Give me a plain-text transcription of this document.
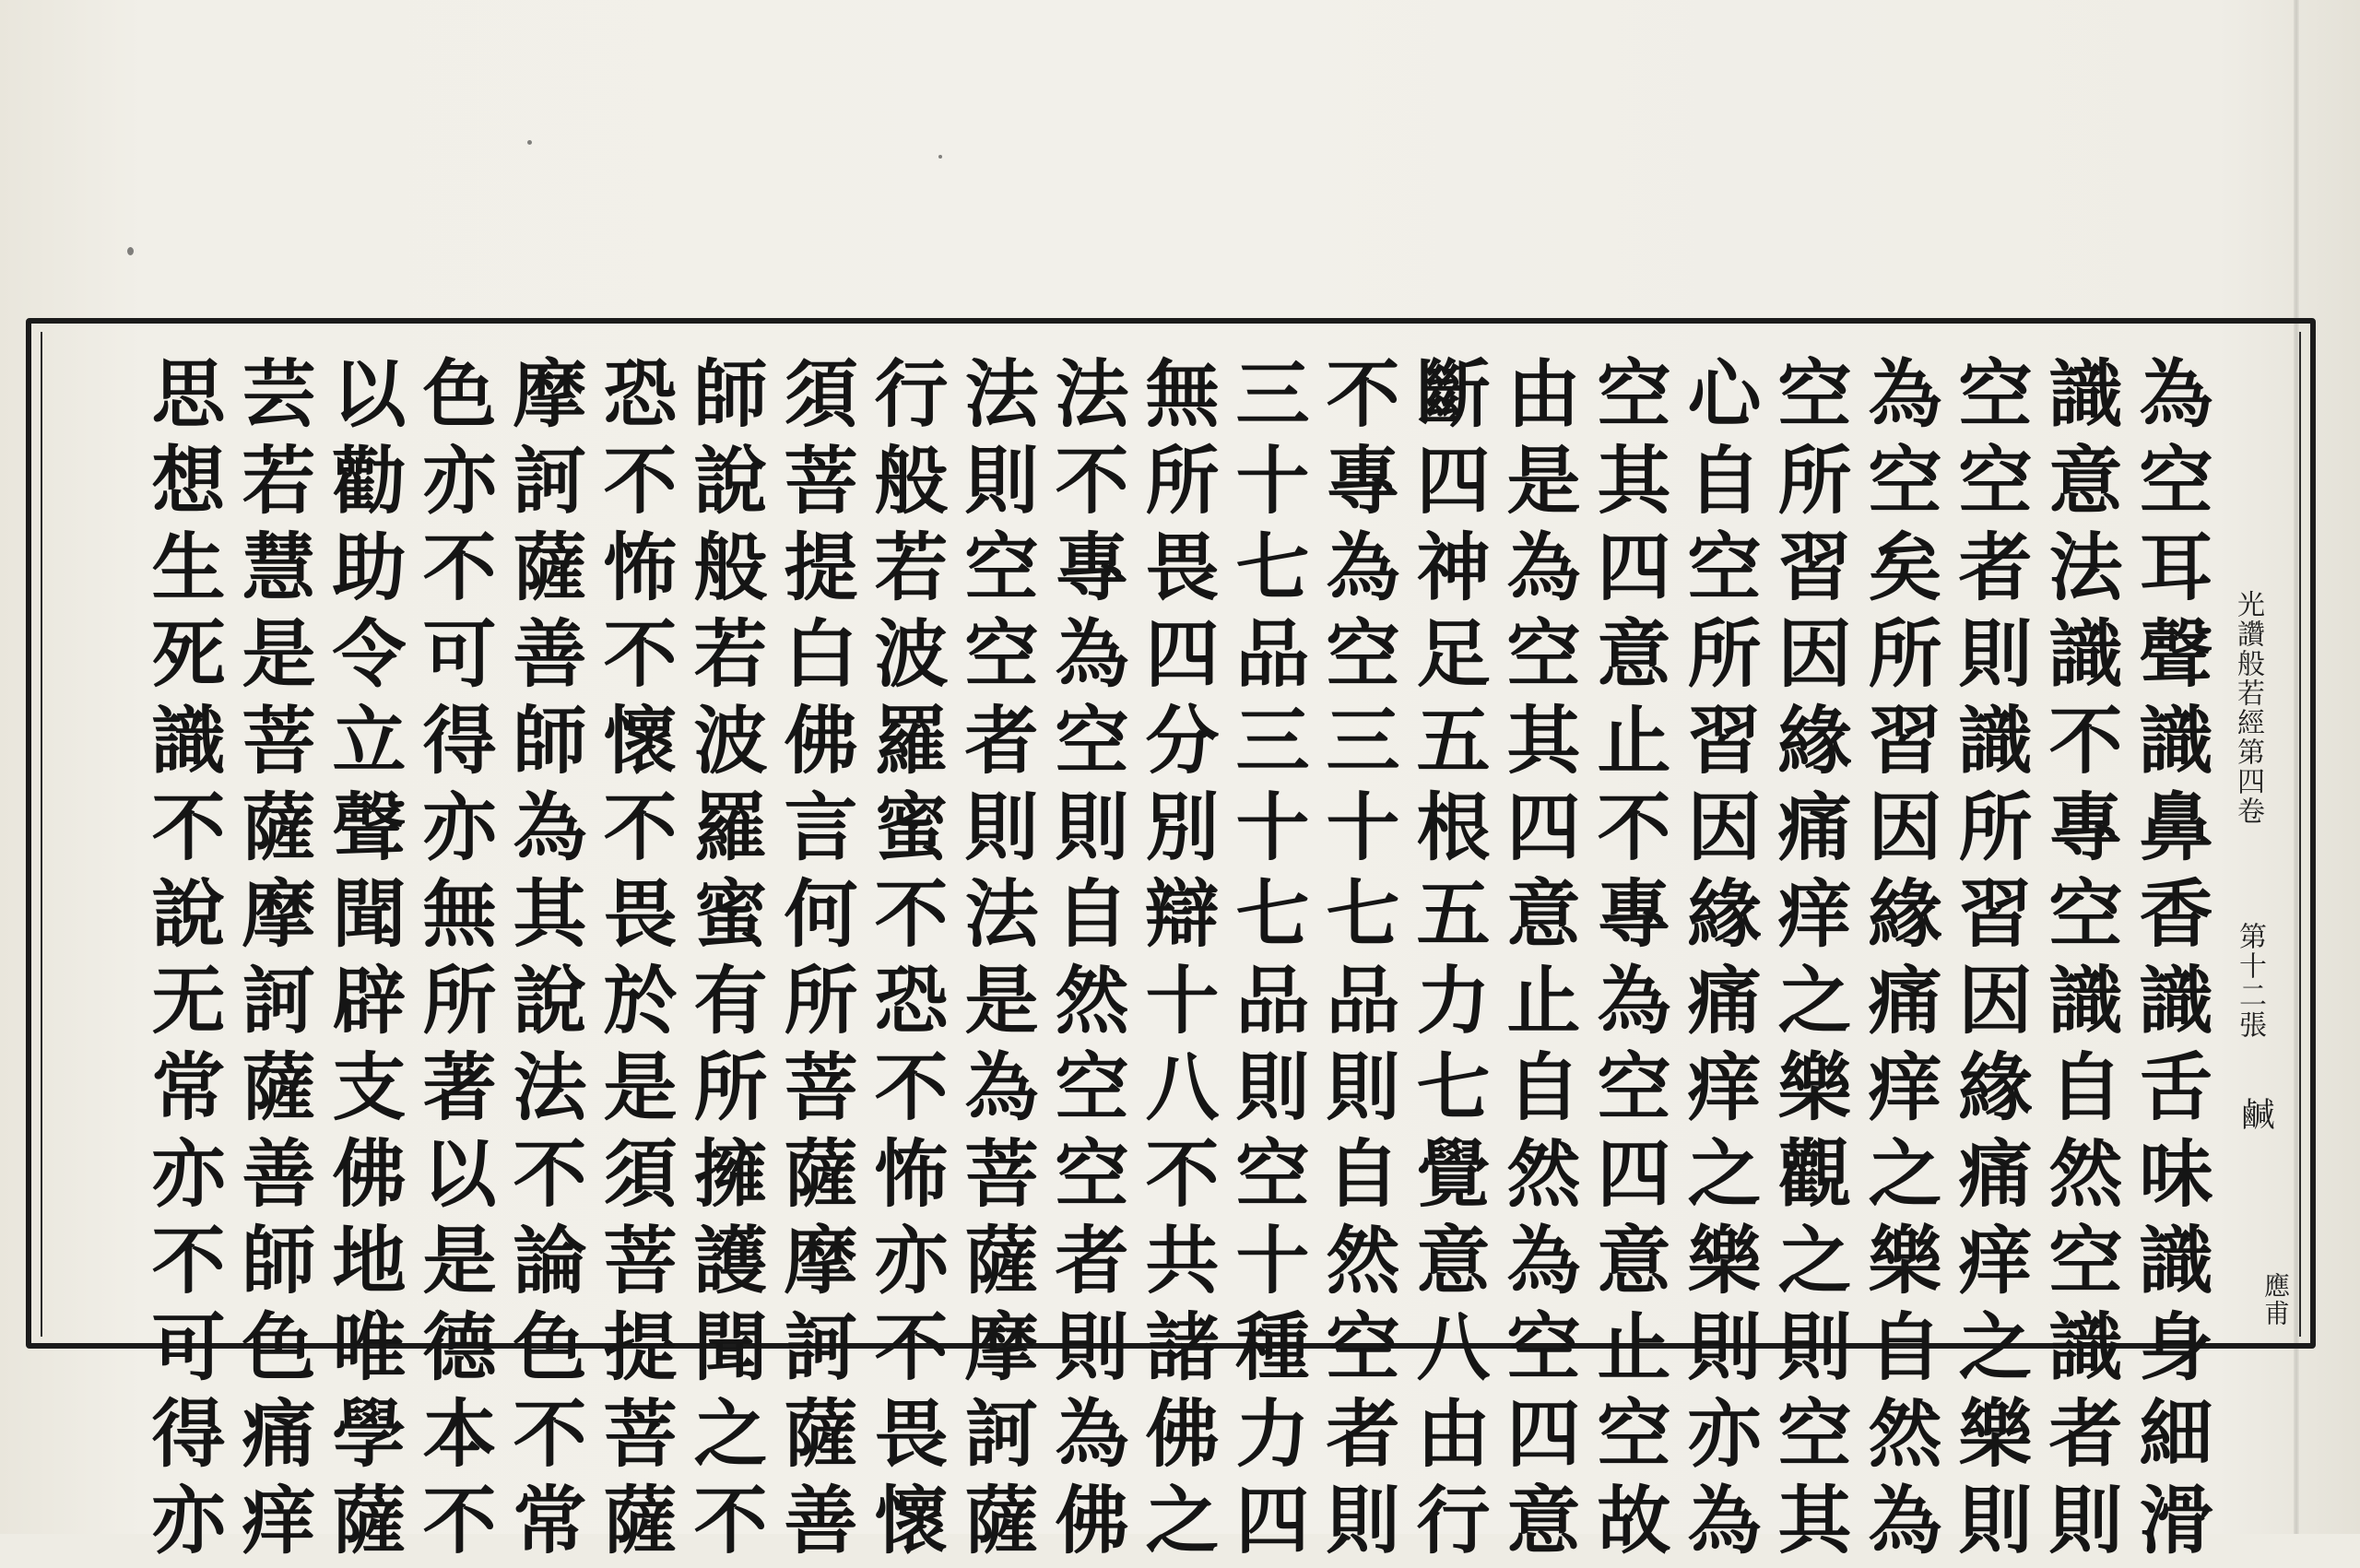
為空耳聲識鼻香識舌味識身細滑
識意法識不專空識自然空識者則
空空者則識所習因緣痛痒之樂則
為空矣所習因緣痛痒之樂自然為
空所習因緣痛痒之樂觀之則空其
心自空所習因緣痛痒之樂則亦為
空其四意止不專為空四意止空故
由是為空其四意止自然為空四意
斷四神足五根五力七覺意八由行
不專為空三十七品則自然空者則
三十七品三十七品則空十種力四
無所畏四分別辯十八不共諸佛之
法不專為空則自然空空者則為佛
法則空空者則法是為菩薩摩訶薩
行般若波羅蜜不恐不怖亦不畏懷
須菩提白佛言何所菩薩摩訶薩善
師說般若波羅蜜有所擁護聞之不
恐不怖不懷不畏於是須菩提菩薩
摩訶薩善師為其說法不論色不常
色亦不可得亦無所著以是德本不
以勸助令立聲聞辟支佛地唯學薩
芸若慧是菩薩摩訶薩善師色痛痒
思想生死識不說无常亦不可得亦	光讚般若經第四卷
第十二張
鹹
應甫
